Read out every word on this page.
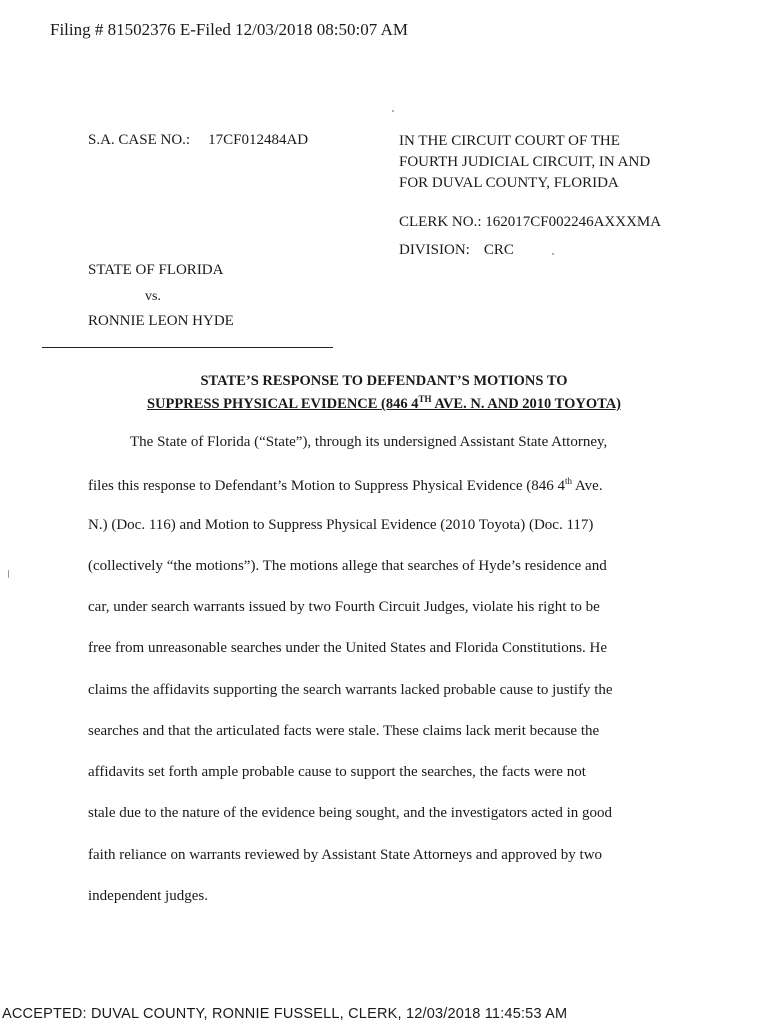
Filing # 81502376 E-Filed 12/03/2018 08:50:07 AM
S.A. CASE NO.: 17CF012484AD	IN THE CIRCUIT COURT OF THE
FOURTH JUDICIAL CIRCUIT, IN AND
FOR DUVAL COUNTY, FLORIDA
CLERK NO.: 162017CF002246AXXXMA
DIVISION: CRC
STATE OF FLORIDA
vs.
RONNIE LEON HYDE
STATE’S RESPONSE TO DEFENDANT’S MOTIONS TO
SUPPRESS PHYSICAL EVIDENCE (846 4TH AVE. N. AND 2010 TOYOTA)
The State of Florida (“State”), through its undersigned Assistant State Attorney,
files this response to Defendant’s Motion to Suppress Physical Evidence (846 4th Ave.
N.) (Doc. 116) and Motion to Suppress Physical Evidence (2010 Toyota) (Doc. 117)
(collectively “the motions”). The motions allege that searches of Hyde’s residence and
car, under search warrants issued by two Fourth Circuit Judges, violate his right to be
free from unreasonable searches under the United States and Florida Constitutions. He
claims the affidavits supporting the search warrants lacked probable cause to justify the
searches and that the articulated facts were stale. These claims lack merit because the
affidavits set forth ample probable cause to support the searches, the facts were not
stale due to the nature of the evidence being sought, and the investigators acted in good
faith reliance on warrants reviewed by Assistant State Attorneys and approved by two
independent judges.
ACCEPTED: DUVAL COUNTY, RONNIE FUSSELL, CLERK, 12/03/2018 11:45:53 AM
